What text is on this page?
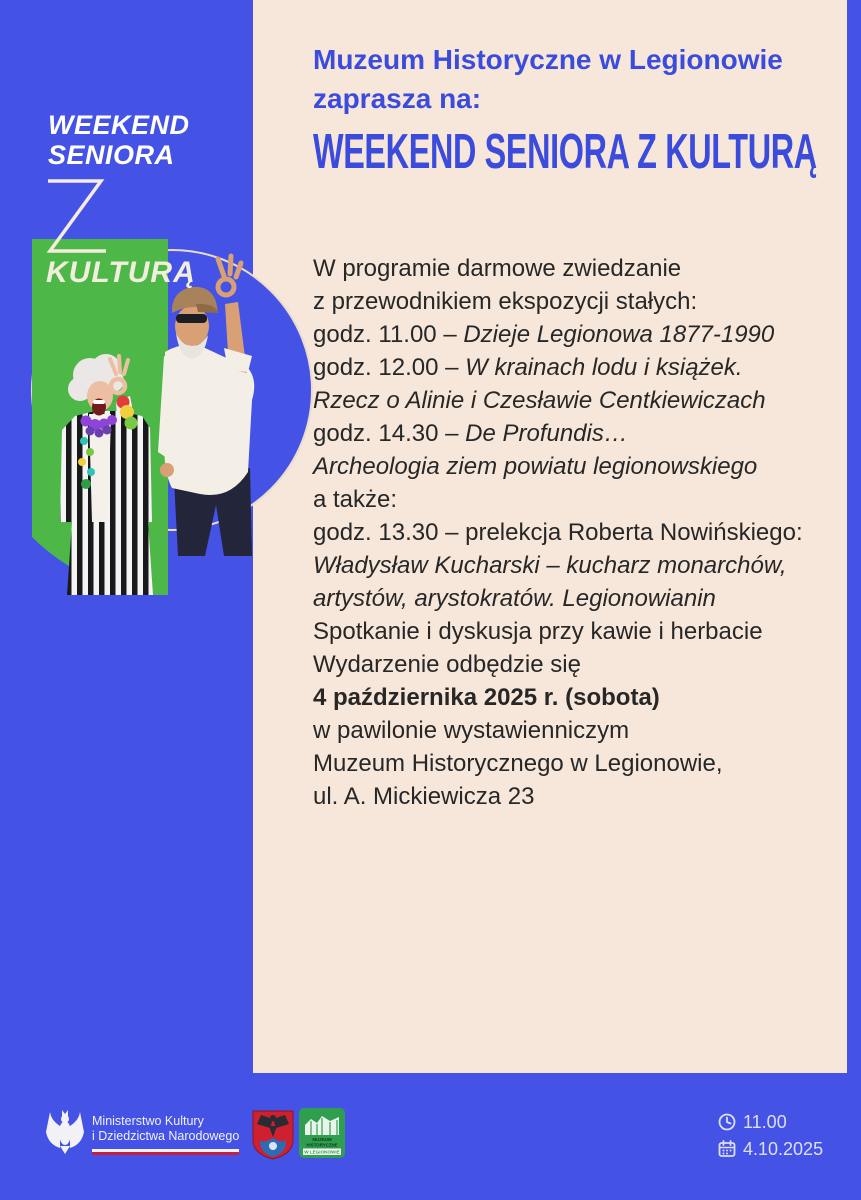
WEEKEND
SENIORA
KULTURĄ
Muzeum Historyczne w Legionowie
zaprasza na:
WEEKEND SENIORA Z KULTURĄ

W programie darmowe zwiedzanie
z przewodnikiem ekspozycji stałych:

godz. 11.00 – Dzieje Legionowa 1877-1990

godz. 12.00 – W krainach lodu i książek.
Rzecz o Alinie i Czesławie Centkiewiczach

godz. 14.30 – De Profundis…
Archeologia ziem powiatu legionowskiego

a także:
godz. 13.30 – prelekcja Roberta Nowińskiego:
Władysław Kucharski – kucharz monarchów,
artystów, arystokratów. Legionowianin

Spotkanie i dyskusja przy kawie i herbacie

Wydarzenie odbędzie się
4 października 2025 r. (sobota)
w pawilonie wystawienniczym
Muzeum Historycznego w Legionowie,
ul. A. Mickiewicza 23

Ministerstwo Kultury
i Dziedzictwa Narodowego	MUZEUM
HISTORYCZNE
W LEGIONOWIE
11.00
4.10.2025
